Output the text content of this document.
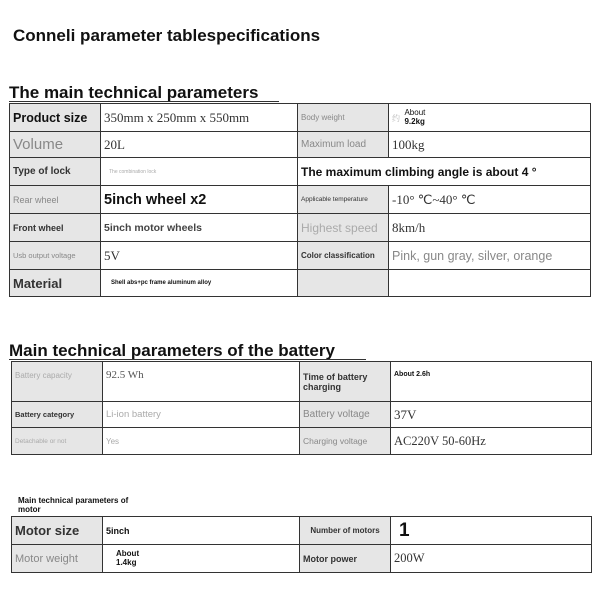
Conneli parameter tablespecifications
The main technical parameters
Product size	350mm x 250mm x 550mm	Body weight	约
About
9.2kg

Volume	20L	Maximum load	100kg
Type of lock	The combination lock	The maximum climbing angle is about 4 °	
Rear wheel	5inch wheel x2	Applicable temperature	-10° ℃~40° ℃
Front wheel	5inch motor wheels	Highest speed	8km/h
Usb output voltage	5V	Color classification	Pink, gun gray, silver, orange
Material	Shell abs+pc frame aluminum alloy		
Main technical parameters of the battery
Battery capacity	92.5 Wh	Time of battery charging	About 2.6h
Battery category	Li-ion battery	Battery voltage	37V
Detachable or not	Yes	Charging voltage	AC220V 50-60Hz
Main technical parameters of motor
Motor size	5inch	Number of motors	1
Motor weight	About
1.4kg	Motor power	200W
